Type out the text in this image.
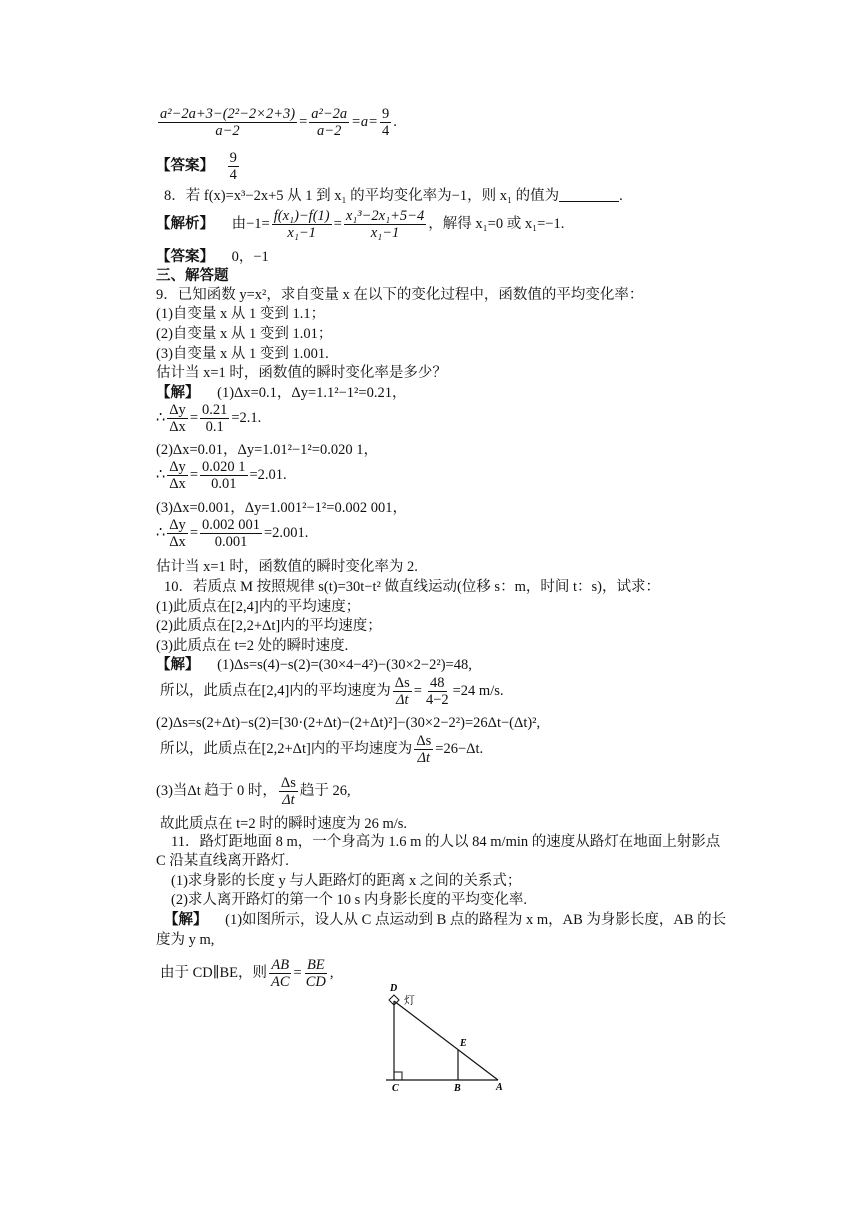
$\frac{\text{a²−2a+3−(2²−2×2+3)}}{a-2} = \frac{\text{a²−2a}}{a-2} =a= \frac{9}{4}$ .
【答案】 $\frac{9}{4}$
8．若 f(x)=x³−2x+5 从 1 到 x₁ 的平均变化率为−1，则 x₁ 的值为	.
【解析】 由$-1= \frac{\text{f(x₁)−f(1)}}{\text{x₁−1}} = \frac{\text{x₁³−2x₁+5−4}}{\text{x₁−1}}$ ，解得 x₁=0 或 x₁=−1.
【答案】 0，−1
三、解答题
9．已知函数 y=x²，求自变量 x 在以下的变化过程中，函数值的平均变化率：
(1)自变量 x 从 1 变到 1.1；
(2)自变量 x 从 1 变到 1.01；
(3)自变量 x 从 1 变到 1.001.
估计当 x=1 时，函数值的瞬时变化率是多少？
【解】 (1)Δx=0.1，Δy=1.1²−1²=0.21，
∴ $\frac{\Delta y}{\Delta x} = \frac{0.21}{0.1} =2.1$.
(2)Δx=0.01，Δy=1.01²−1²=0.020 1，
∴ $\frac{\Delta y}{\Delta x} = \frac{0.020 1}{0.01} =2.01$.
(3)Δx=0.001，Δy=1.001²−1²=0.002 001，
∴ $\frac{\Delta y}{\Delta x} = \frac{0.002 001}{0.001} =2.001$.
估计当 x=1 时，函数值的瞬时变化率为 2.
10．若质点 M 按照规律 s(t)=30t−t² 做直线运动(位移 s：m，时间 t：s)，试求：
(1)此质点在[2,4]内的平均速度；
(2)此质点在[2,2+Δt]内的平均速度；
(3)此质点在 t=2 处的瞬时速度.
【解】 (1)Δs=s(4)−s(2)=(30×4−4²)−(30×2−2²)=48,
所以，此质点在[2,4]内的平均速度为 $\frac{\Delta s}{\Delta t} = \frac{48}{4-2} =24$ m/s.
(2)Δs=s(2+Δt)−s(2)=[30·(2+Δt)−(2+Δt)²]−(30×2−2²)=26Δt−(Δt)²,
所以，此质点在[2,2+Δt]内的平均速度为 $\frac{\Delta s}{\Delta t} =26-\Delta t$.
(3)当Δt 趋于 0 时， $\frac{\Delta s}{\Delta t}$ 趋于 26,
故此质点在 t=2 时的瞬时速度为 26 m/s.
11．路灯距地面 8 m，一个身高为 1.6 m 的人以 84 m/min 的速度从路灯在地面上射影点
C 沿某直线离开路灯.
(1)求身影的长度 y 与人距路灯的距离 x 之间的关系式；
(2)求人离开路灯的第一个 10 s 内身影长度的平均变化率.
【解】 (1)如图所示，设人从 C 点运动到 B 点的路程为 x m，AB 为身影长度，AB 的长
度为 y m,
由于 CD∥BE，则 $\frac{AB}{AC} = \frac{BE}{CD}$ ,
D
灯
E
C	B	A
